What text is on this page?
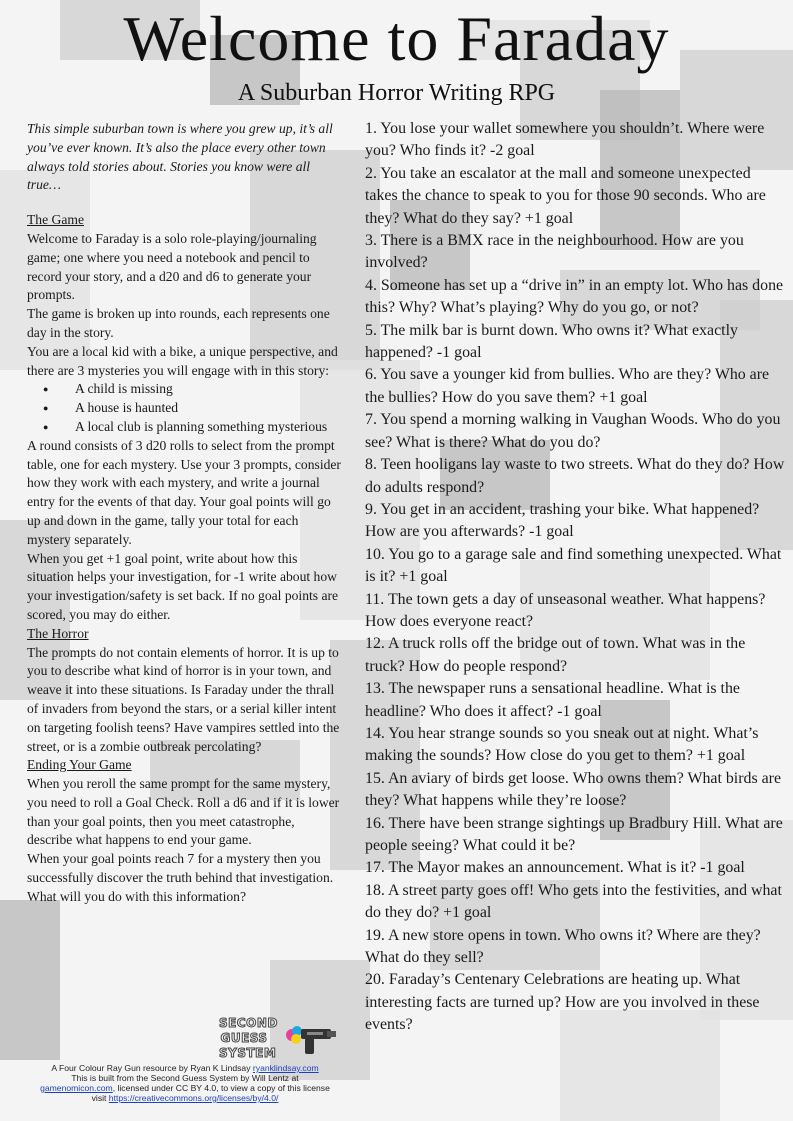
Welcome to Faraday
A Suburban Horror Writing RPG

This simple suburban town is where you grew up, it’s all you’ve ever known. It’s also the place every other town always told stories about. Stories you know were all true…

The Game

Welcome to Faraday is a solo role-playing/journaling game; one where you need a notebook and pencil to record your story, and a d20 and d6 to generate your prompts.

The game is broken up into rounds, each represents one day in the story.

You are a local kid with a bike, a unique perspective, and there are 3 mysteries you will engage with in this story:

● A child is missing
● A house is haunted
● A local club is planning something mysterious

A round consists of 3 d20 rolls to select from the prompt table, one for each mystery. Use your 3 prompts, consider how they work with each mystery, and write a journal entry for the events of that day. Your goal points will go up and down in the game, tally your total for each mystery separately.

When you get +1 goal point, write about how this situation helps your investigation, for -1 write about how your investigation/safety is set back. If no goal points are scored, you may do either.

The Horror

The prompts do not contain elements of horror. It is up to you to describe what kind of horror is in your town, and weave it into these situations. Is Faraday under the thrall of invaders from beyond the stars, or a serial killer intent on targeting foolish teens? Have vampires settled into the street, or is a zombie outbreak percolating?

Ending Your Game

When you reroll the same prompt for the same mystery, you need to roll a Goal Check. Roll a d6 and if it is lower than your goal points, then you meet catastrophe, describe what happens to end your game.

When your goal points reach 7 for a mystery then you successfully discover the truth behind that investigation. What will you do with this information?

1. You lose your wallet somewhere you shouldn’t. Where were you? Who finds it? -2 goal

2. You take an escalator at the mall and someone unexpected takes the chance to speak to you for those 90 seconds. Who are they? What do they say? +1 goal

3. There is a BMX race in the neighbourhood. How are you involved?

4. Someone has set up a “drive in” in an empty lot. Who has done this? Why? What’s playing? Why do you go, or not?

5. The milk bar is burnt down. Who owns it? What exactly happened? -1 goal

6. You save a younger kid from bullies. Who are they? Who are the bullies? How do you save them? +1 goal

7. You spend a morning walking in Vaughan Woods. Who do you see? What is there? What do you do?

8. Teen hooligans lay waste to two streets. What do they do? How do adults respond?

9. You get in an accident, trashing your bike. What happened? How are you afterwards? -1 goal

10. You go to a garage sale and find something unexpected. What is it? +1 goal

11. The town gets a day of unseasonal weather. What happens? How does everyone react?

12. A truck rolls off the bridge out of town. What was in the truck? How do people respond?

13. The newspaper runs a sensational headline. What is the headline? Who does it affect? -1 goal

14. You hear strange sounds so you sneak out at night. What’s making the sounds? How close do you get to them? +1 goal

15. An aviary of birds get loose. Who owns them? What birds are they? What happens while they’re loose?

16. There have been strange sightings up Bradbury Hill. What are people seeing? What could it be?

17. The Mayor makes an announcement. What is it? -1 goal

18. A street party goes off! Who gets into the festivities, and what do they do? +1 goal

19. A new store opens in town. Who owns it? Where are they? What do they sell?

20. Faraday’s Centenary Celebrations are heating up. What interesting facts are turned up? How are you involved in these events?

SECOND
GUESS
SYSTEM
A Four Colour Ray Gun resource by Ryan K Lindsay ryanklindsay.com
This is built from the Second Guess System by Will Lentz at
gamenomicon.com, licensed under CC BY 4.0, to view a copy of this license
visit https://creativecommons.org/licenses/by/4.0/
